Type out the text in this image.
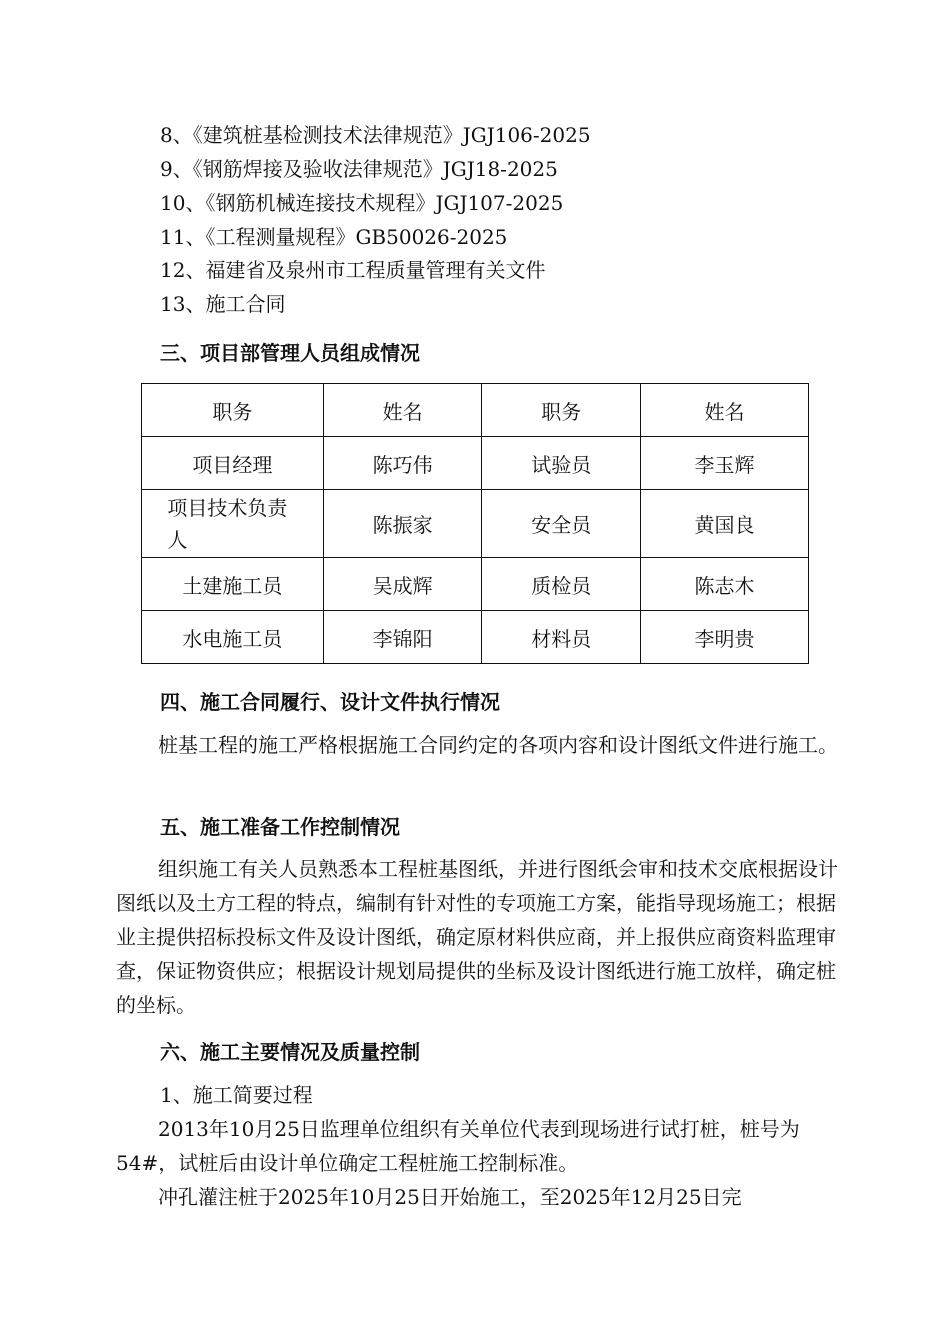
8、《建筑桩基检测技术法律规范》JGJ106-2025
9、《钢筋焊接及验收法律规范》JGJ18-2025
10、《钢筋机械连接技术规程》JGJ107-2025
11、《工程测量规程》GB50026-2025
12、福建省及泉州市工程质量管理有关文件
13、施工合同
三、项目部管理人员组成情况
职务	姓名	职务	姓名
项目经理	陈巧伟	试验员	李玉辉
项目技术负责人	陈振家	安全员	黄国良
土建施工员	吴成辉	质检员	陈志木
水电施工员	李锦阳	材料员	李明贵
四、施工合同履行、设计文件执行情况

桩基工程的施工严格根据施工合同约定的各项内容和设计图纸文件进行施工。

五、施工准备工作控制情况

组织施工有关人员熟悉本工程桩基图纸，并进行图纸会审和技术交底根据设计图纸以及土方工程的特点，编制有针对性的专项施工方案，能指导现场施工；根据业主提供招标投标文件及设计图纸，确定原材料供应商，并上报供应商资料监理审查，保证物资供应；根据设计规划局提供的坐标及设计图纸进行施工放样，确定桩的坐标。

六、施工主要情况及质量控制
1、施工简要过程

2013年10月25日监理单位组织有关单位代表到现场进行试打桩，桩号为54#，试桩后由设计单位确定工程桩施工控制标准。

冲孔灌注桩于2025年10月25日开始施工，至2025年12月25日完
